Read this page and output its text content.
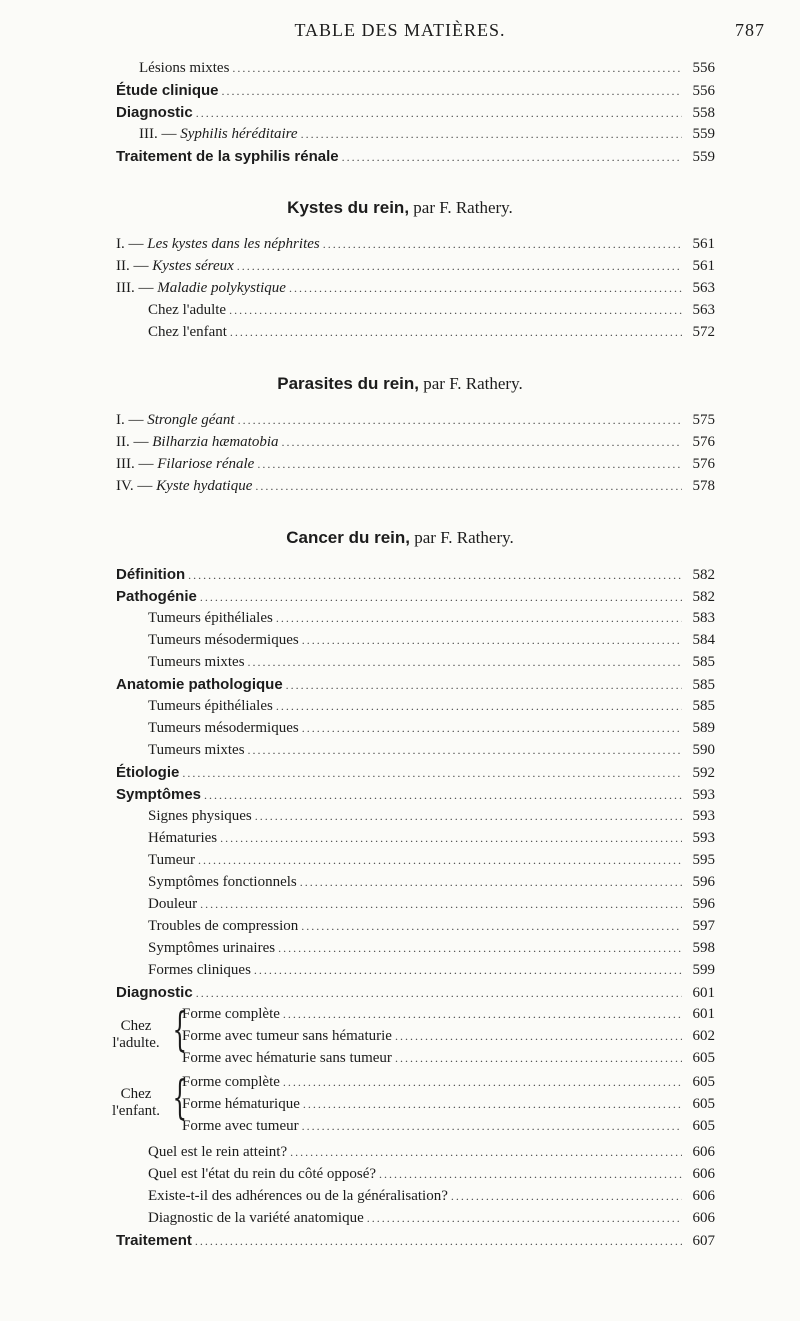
TABLE DES MATIÈRES.	787
Lésions mixtes .....	556
Étude clinique .....	556
Diagnostic .....	558
III. — Syphilis héréditaire .....	559
Traitement de la syphilis rénale .....	559
Kystes du rein, par F. Rathery.
I. — Les kystes dans les néphrites .....	561
II. — Kystes séreux .....	561
III. — Maladie polykystique .....	563
Chez l'adulte .....	563
Chez l'enfant .....	572
Parasites du rein, par F. Rathery.
I. — Strongle géant .....	575
II. — Bilharzia hæmatobia .....	576
III. — Filariose rénale .....	576
IV. — Kyste hydatique .....	578
Cancer du rein, par F. Rathery.
Définition .....	582
Pathogénie .....	582
Tumeurs épithéliales .....	583
Tumeurs mésodermiques .....	584
Tumeurs mixtes .....	585
Anatomie pathologique .....	585
Tumeurs épithéliales .....	585
Tumeurs mésodermiques .....	589
Tumeurs mixtes .....	590
Étiologie .....	592
Symptômes .....	593
Signes physiques .....	593
Hématuries .....	593
Tumeur .....	595
Symptômes fonctionnels .....	596
Douleur .....	596
Troubles de compression .....	597
Symptômes urinaires .....	598
Formes cliniques .....	599
Diagnostic .....	601
Chez
l'adulte. {
Forme complète .....	601
Forme avec tumeur sans hématurie .....	602
Forme avec hématurie sans tumeur .....	605
Chez
l'enfant. {
Forme complète .....	605
Forme hématurique .....	605
Forme avec tumeur .....	605
Quel est le rein atteint? .....	606
Quel est l'état du rein du côté opposé? .....	606
Existe-t-il des adhérences ou de la généralisation? .....	606
Diagnostic de la variété anatomique .....	606
Traitement .....	607
